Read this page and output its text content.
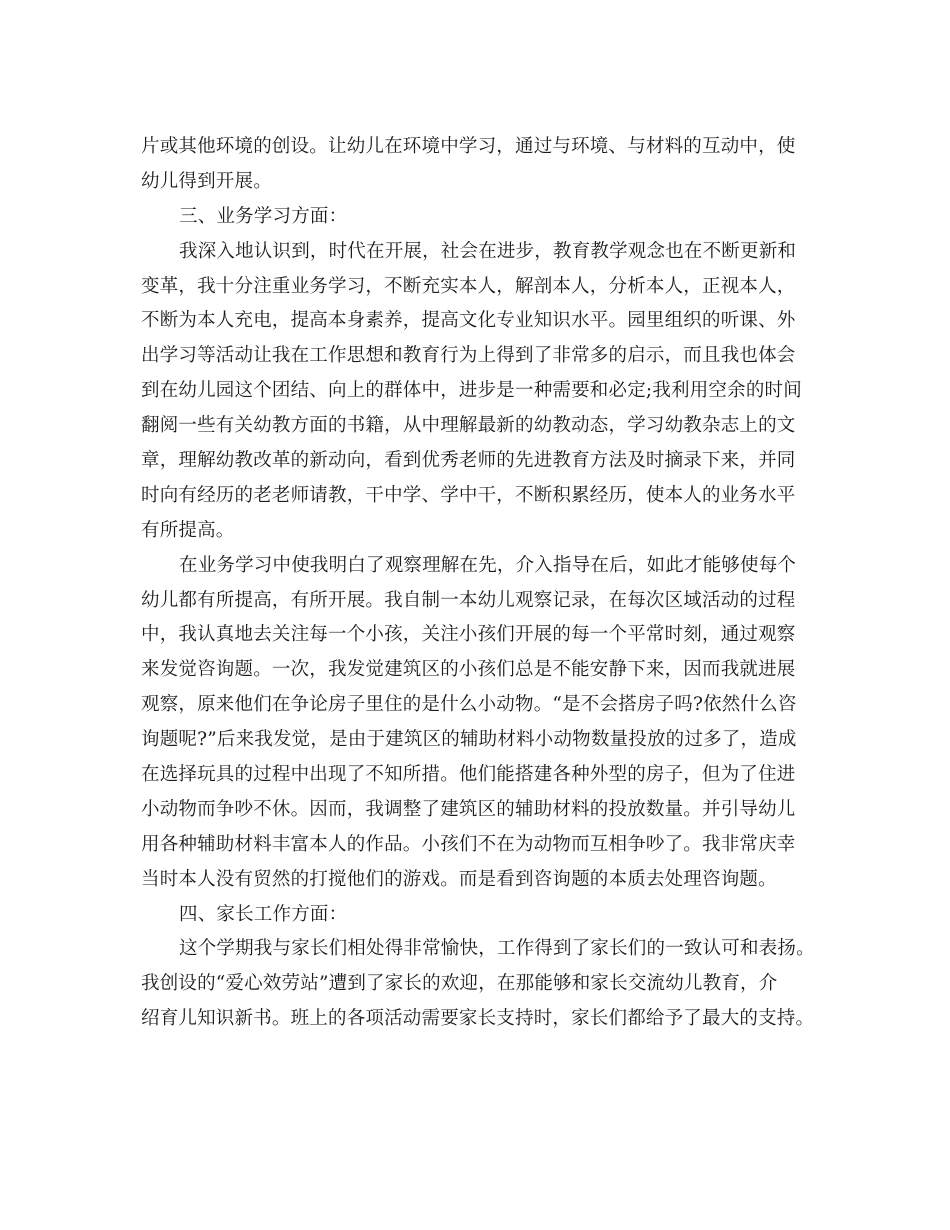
片或其他环境的创设。让幼儿在环境中学习，通过与环境、与材料的互动中，使
幼儿得到开展。
三、业务学习方面：
我深入地认识到，时代在开展，社会在进步，教育教学观念也在不断更新和
变革，我十分注重业务学习，不断充实本人，解剖本人，分析本人，正视本人，
不断为本人充电，提高本身素养，提高文化专业知识水平。园里组织的听课、外
出学习等活动让我在工作思想和教育行为上得到了非常多的启示，而且我也体会
到在幼儿园这个团结、向上的群体中，进步是一种需要和必定;我利用空余的时间
翻阅一些有关幼教方面的书籍，从中理解最新的幼教动态，学习幼教杂志上的文
章，理解幼教改革的新动向，看到优秀老师的先进教育方法及时摘录下来，并同
时向有经历的老老师请教，干中学、学中干，不断积累经历，使本人的业务水平
有所提高。
在业务学习中使我明白了观察理解在先，介入指导在后，如此才能够使每个
幼儿都有所提高，有所开展。我自制一本幼儿观察记录，在每次区域活动的过程
中，我认真地去关注每一个小孩，关注小孩们开展的每一个平常时刻，通过观察
来发觉咨询题。一次，我发觉建筑区的小孩们总是不能安静下来，因而我就进展
观察，原来他们在争论房子里住的是什么小动物。“是不会搭房子吗?依然什么咨
询题呢?”后来我发觉，是由于建筑区的辅助材料小动物数量投放的过多了，造成
在选择玩具的过程中出现了不知所措。他们能搭建各种外型的房子，但为了住进
小动物而争吵不休。因而，我调整了建筑区的辅助材料的投放数量。并引导幼儿
用各种辅助材料丰富本人的作品。小孩们不在为动物而互相争吵了。我非常庆幸
当时本人没有贸然的打搅他们的游戏。而是看到咨询题的本质去处理咨询题。
四、家长工作方面：
这个学期我与家长们相处得非常愉快，工作得到了家长们的一致认可和表扬。
我创设的“爱心效劳站”遭到了家长的欢迎，在那能够和家长交流幼儿教育，介
绍育儿知识新书。班上的各项活动需要家长支持时，家长们都给予了最大的支持。
